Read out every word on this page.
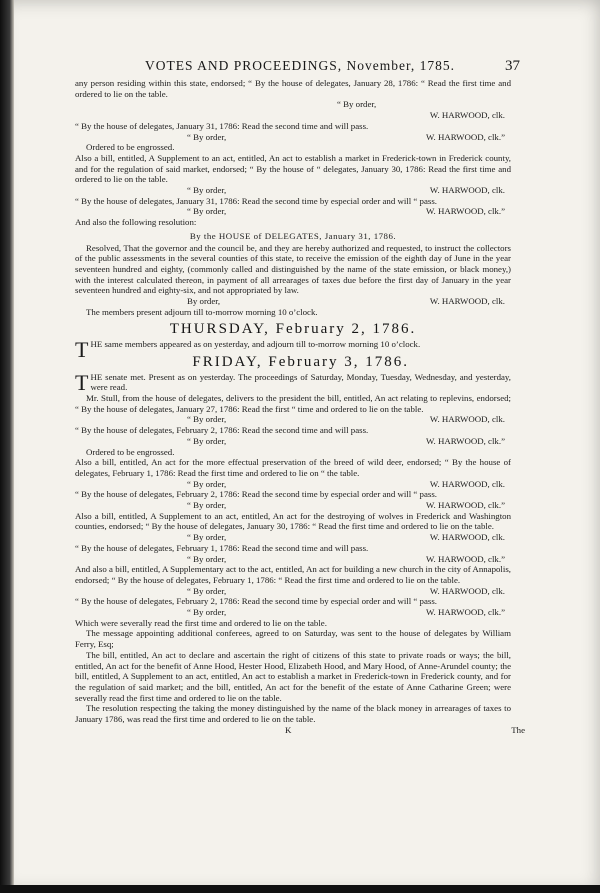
VOTES AND PROCEEDINGS, November, 1785.	37

any person residing within this state, endorsed; “ By the house of delegates, January 28, 1786: “ Read the first time and ordered to lie on the table.

“ By order,
W. HARWOOD, clk.

“ By the house of delegates, January 31, 1786: Read the second time and will pass.

“ By order,	W. HARWOOD, clk.”

Ordered to be engrossed.

Also a bill, entitled, A Supplement to an act, entitled, An act to establish a market in Frederick-town in Frederick county, and for the regulation of said market, endorsed; “ By the house of “ delegates, January 30, 1786: Read the first time and ordered to lie on the table.

“ By order,	W. HARWOOD, clk.

“ By the house of delegates, January 31, 1786: Read the second time by especial order and will “ pass.

“ By order,	W. HARWOOD, clk.”

And also the following resolution:

By the HOUSE of DELEGATES, January 31, 1786.

Resolved, That the governor and the council be, and they are hereby authorized and requested, to instruct the collectors of the public assessments in the several counties of this state, to receive the emission of the eighth day of June in the year seventeen hundred and eighty, (commonly called and distinguished by the name of the state emission, or black money,) with the interest calculated thereon, in payment of all arrearages of taxes due before the first day of January in the year seventeen hundred and eighty-six, and not appropriated by law.

By order,	W. HARWOOD, clk.

The members present adjourn till to-morrow morning 10 o’clock.

THURSDAY, February 2, 1786.

THE same members appeared as on yesterday, and adjourn till to-morrow morning 10 o’clock.

FRIDAY, February 3, 1786.

THE senate met. Present as on yesterday. The proceedings of Saturday, Monday, Tuesday, Wednesday, and yesterday, were read.

Mr. Stull, from the house of delegates, delivers to the president the bill, entitled, An act relating to replevins, endorsed; “ By the house of delegates, January 27, 1786: Read the first “ time and ordered to lie on the table.

“ By order,	W. HARWOOD, clk.

“ By the house of delegates, February 2, 1786: Read the second time and will pass.

“ By order,	W. HARWOOD, clk.”

Ordered to be engrossed.

Also a bill, entitled, An act for the more effectual preservation of the breed of wild deer, endorsed; “ By the house of delegates, February 1, 1786: Read the first time and ordered to lie on “ the table.

“ By order,	W. HARWOOD, clk.

“ By the house of delegates, February 2, 1786: Read the second time by especial order and will “ pass.

“ By order,	W. HARWOOD, clk.”

Also a bill, entitled, A Supplement to an act, entitled, An act for the destroying of wolves in Frederick and Washington counties, endorsed; “ By the house of delegates, January 30, 1786: “ Read the first time and ordered to lie on the table.

“ By order,	W. HARWOOD, clk.

“ By the house of delegates, February 1, 1786: Read the second time and will pass.

“ By order,	W. HARWOOD, clk.”

And also a bill, entitled, A Supplementary act to the act, entitled, An act for building a new church in the city of Annapolis, endorsed; “ By the house of delegates, February 1, 1786: “ Read the first time and ordered to lie on the table.

“ By order,	W. HARWOOD, clk.

“ By the house of delegates, February 2, 1786: Read the second time by especial order and will “ pass.

“ By order,	W. HARWOOD, clk.”

Which were severally read the first time and ordered to lie on the table.

The message appointing additional conferees, agreed to on Saturday, was sent to the house of delegates by William Ferry, Esq;

The bill, entitled, An act to declare and ascertain the right of citizens of this state to private roads or ways; the bill, entitled, An act for the benefit of Anne Hood, Hester Hood, Elizabeth Hood, and Mary Hood, of Anne-Arundel county; the bill, entitled, A Supplement to an act, entitled, An act to establish a market in Frederick-town in Frederick county, and for the regulation of said market; and the bill, entitled, An act for the benefit of the estate of Anne Catharine Green; were severally read the first time and ordered to lie on the table.

The resolution respecting the taking the money distinguished by the name of the black money in arrearages of taxes to January 1786, was read the first time and ordered to lie on the table.

K	The
